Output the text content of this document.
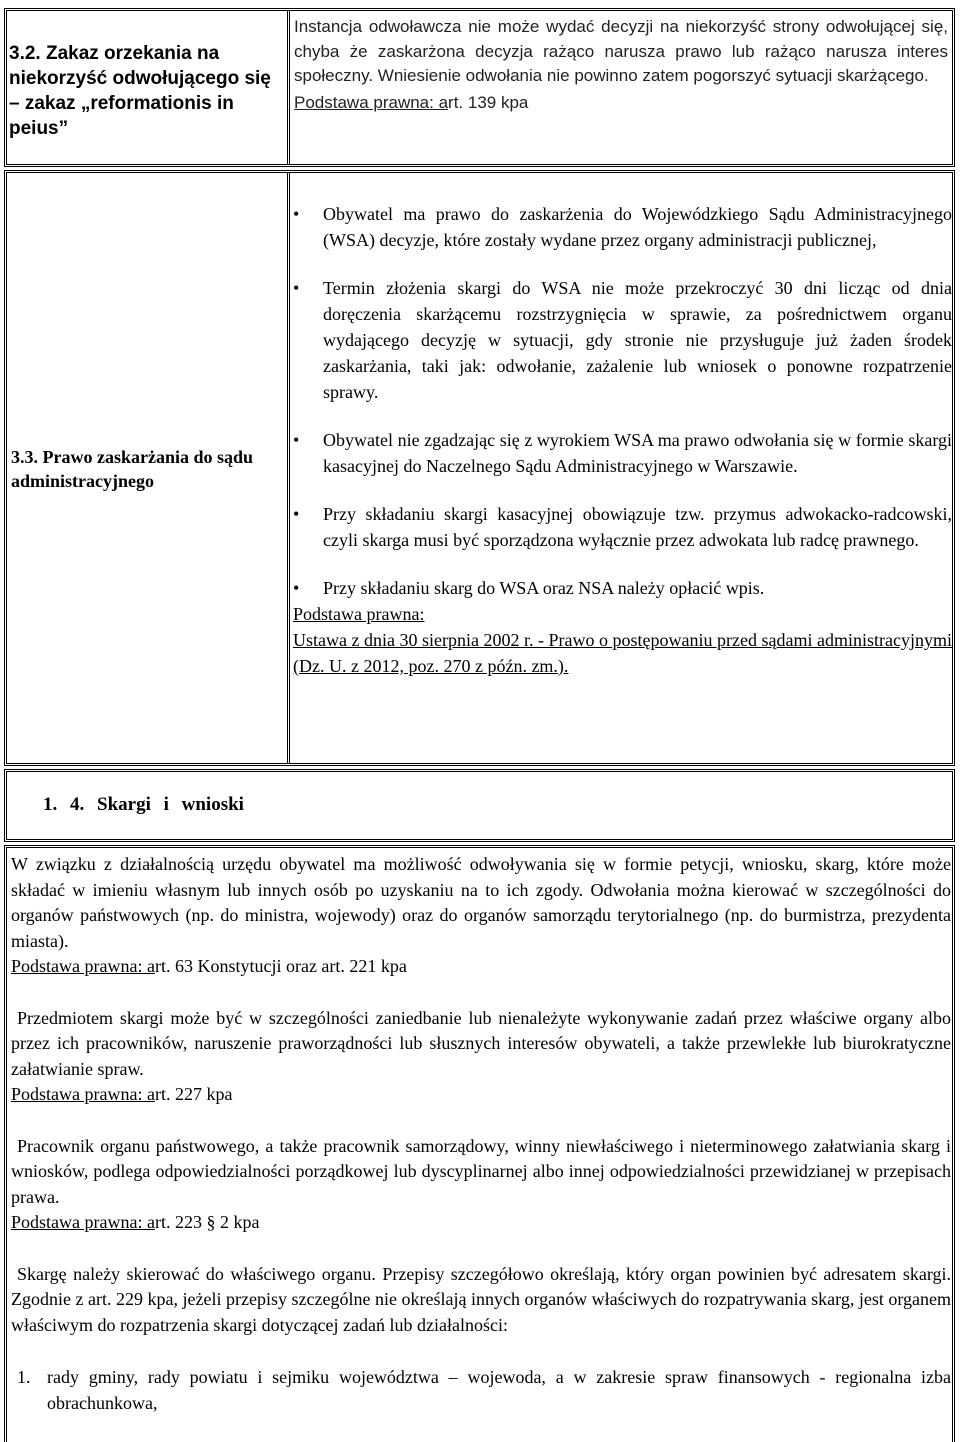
3.2. Zakaz orzekania na niekorzyść odwołującego się – zakaz „reformationis in peius”
Instancja odwoławcza nie może wydać decyzji na niekorzyść strony odwołującej się, chyba że zaskarżona decyzja rażąco narusza prawo lub rażąco narusza interes społeczny. Wniesienie odwołania nie powinno zatem pogorszyć sytuacji skarżącego.
Podstawa prawna: art. 139 kpa
3.3. Prawo zaskarżania do sądu administracyjnego
• Obywatel ma prawo do zaskarżenia do Wojewódzkiego Sądu Administracyjnego (WSA) decyzje, które zostały wydane przez organy administracji publicznej,
• Termin złożenia skargi do WSA nie może przekroczyć 30 dni licząc od dnia doręczenia skarżącemu rozstrzygnięcia w sprawie, za pośrednictwem organu wydającego decyzję w sytuacji, gdy stronie nie przysługuje już żaden środek zaskarżania, taki jak: odwołanie, zażalenie lub wniosek o ponowne rozpatrzenie sprawy.
• Obywatel nie zgadzając się z wyrokiem WSA ma prawo odwołania się w formie skargi kasacyjnej do Naczelnego Sądu Administracyjnego w Warszawie.
• Przy składaniu skargi kasacyjnej obowiązuje tzw. przymus adwokacko-radcowski, czyli skarga musi być sporządzona wyłącznie przez adwokata lub radcę prawnego.
• Przy składaniu skarg do WSA oraz NSA należy opłacić wpis.
Podstawa prawna:
Ustawa z dnia 30 sierpnia 2002 r. - Prawo o postępowaniu przed sądami administracyjnymi (Dz. U. z 2012, poz. 270 z późn. zm.).
1. 4. Skargi i wnioski

W związku z działalnością urzędu obywatel ma możliwość odwoływania się w formie petycji, wniosku, skarg, które może składać w imieniu własnym lub innych osób po uzyskaniu na to ich zgody. Odwołania można kierować w szczególności do organów państwowych (np. do ministra, wojewody) oraz do organów samorządu terytorialnego (np. do burmistrza, prezydenta miasta).

Podstawa prawna: art. 63 Konstytucji oraz art. 221 kpa

Przedmiotem skargi może być w szczególności zaniedbanie lub nienależyte wykonywanie zadań przez właściwe organy albo przez ich pracowników, naruszenie praworządności lub słusznych interesów obywateli, a także przewlekłe lub biurokratyczne załatwianie spraw.

Podstawa prawna: art. 227 kpa

Pracownik organu państwowego, a także pracownik samorządowy, winny niewłaściwego i nieterminowego załatwiania skarg i wniosków, podlega odpowiedzialności porządkowej lub dyscyplinarnej albo innej odpowiedzialności przewidzianej w przepisach prawa.

Podstawa prawna: art. 223 § 2 kpa

Skargę należy skierować do właściwego organu. Przepisy szczegółowo określają, który organ powinien być adresatem skargi. Zgodnie z art. 229 kpa, jeżeli przepisy szczególne nie określają innych organów właściwych do rozpatrywania skarg, jest organem właściwym do rozpatrzenia skargi dotyczącej zadań lub działalności:

1. rady gminy, rady powiatu i sejmiku województwa – wojewoda, a w zakresie spraw finansowych - regionalna izba obrachunkowa,
